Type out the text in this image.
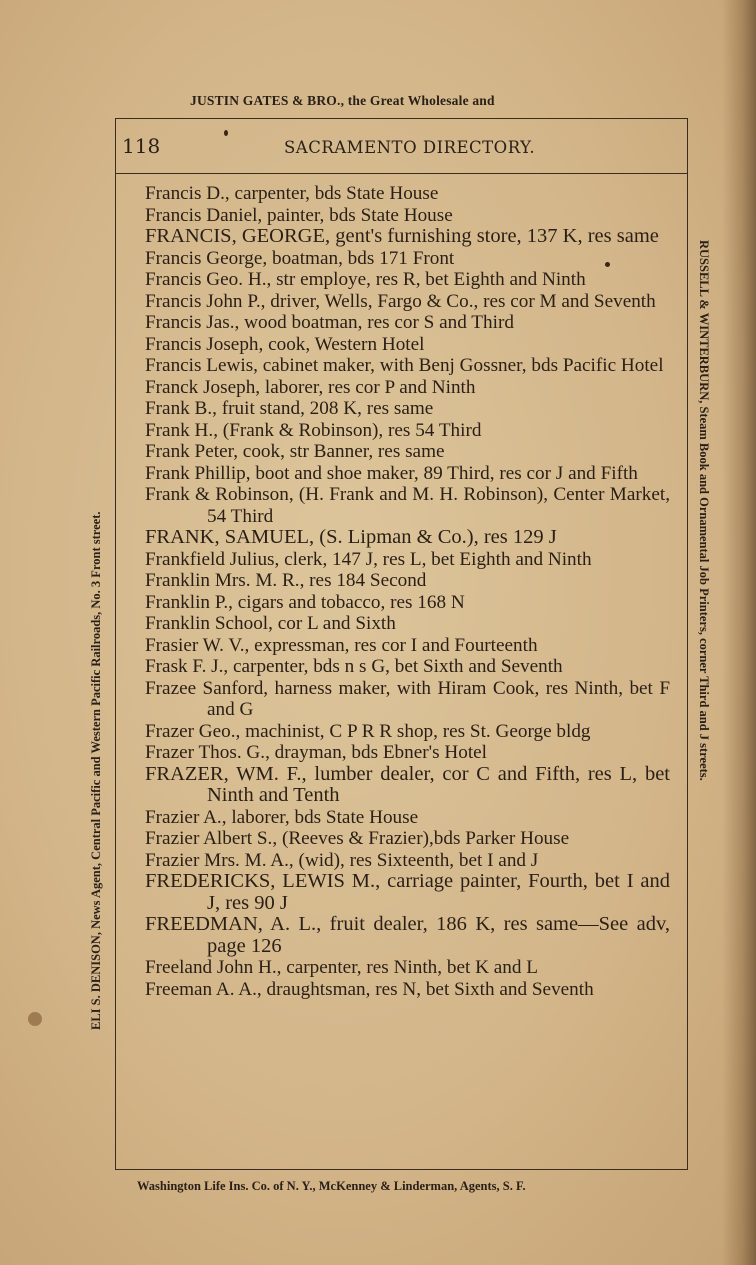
JUSTIN GATES & BRO., the Great Wholesale and
ELI S. DENISON, News Agent, Central Pacific and Western Pacific Railroads, No. 3 Front street.	RUSSELL & WINTERBURN, Steam Book and Ornamental Job Printers, corner Third and J streets.
118	SACRAMENTO DIRECTORY.

Francis D., carpenter, bds State House

Francis Daniel, painter, bds State House

FRANCIS, GEORGE, gent's furnishing store, 137 K, res same

Francis George, boatman, bds 171 Front

Francis Geo. H., str employe, res R, bet Eighth and Ninth

Francis John P., driver, Wells, Fargo & Co., res cor M and Seventh

Francis Jas., wood boatman, res cor S and Third

Francis Joseph, cook, Western Hotel

Francis Lewis, cabinet maker, with Benj Gossner, bds Pacific Hotel

Franck Joseph, laborer, res cor P and Ninth

Frank B., fruit stand, 208 K, res same

Frank H., (Frank & Robinson), res 54 Third

Frank Peter, cook, str Banner, res same

Frank Phillip, boot and shoe maker, 89 Third, res cor J and Fifth

Frank & Robinson, (H. Frank and M. H. Robinson), Center Market, 54 Third

FRANK, SAMUEL, (S. Lipman & Co.), res 129 J

Frankfield Julius, clerk, 147 J, res L, bet Eighth and Ninth

Franklin Mrs. M. R., res 184 Second

Franklin P., cigars and tobacco, res 168 N

Franklin School, cor L and Sixth

Frasier W. V., expressman, res cor I and Fourteenth

Frask F. J., carpenter, bds n s G, bet Sixth and Seventh

Frazee Sanford, harness maker, with Hiram Cook, res Ninth, bet F and G

Frazer Geo., machinist, C P R R shop, res St. George bldg

Frazer Thos. G., drayman, bds Ebner's Hotel

FRAZER, WM. F., lumber dealer, cor C and Fifth, res L, bet Ninth and Tenth

Frazier A., laborer, bds State House

Frazier Albert S., (Reeves & Frazier),bds Parker House

Frazier Mrs. M. A., (wid), res Sixteenth, bet I and J

FREDERICKS, LEWIS M., carriage painter, Fourth, bet I and J, res 90 J

FREEDMAN, A. L., fruit dealer, 186 K, res same—See adv, page 126

Freeland John H., carpenter, res Ninth, bet K and L

Freeman A. A., draughtsman, res N, bet Sixth and Seventh

Washington Life Ins. Co. of N. Y., McKenney & Linderman, Agents, S. F.
